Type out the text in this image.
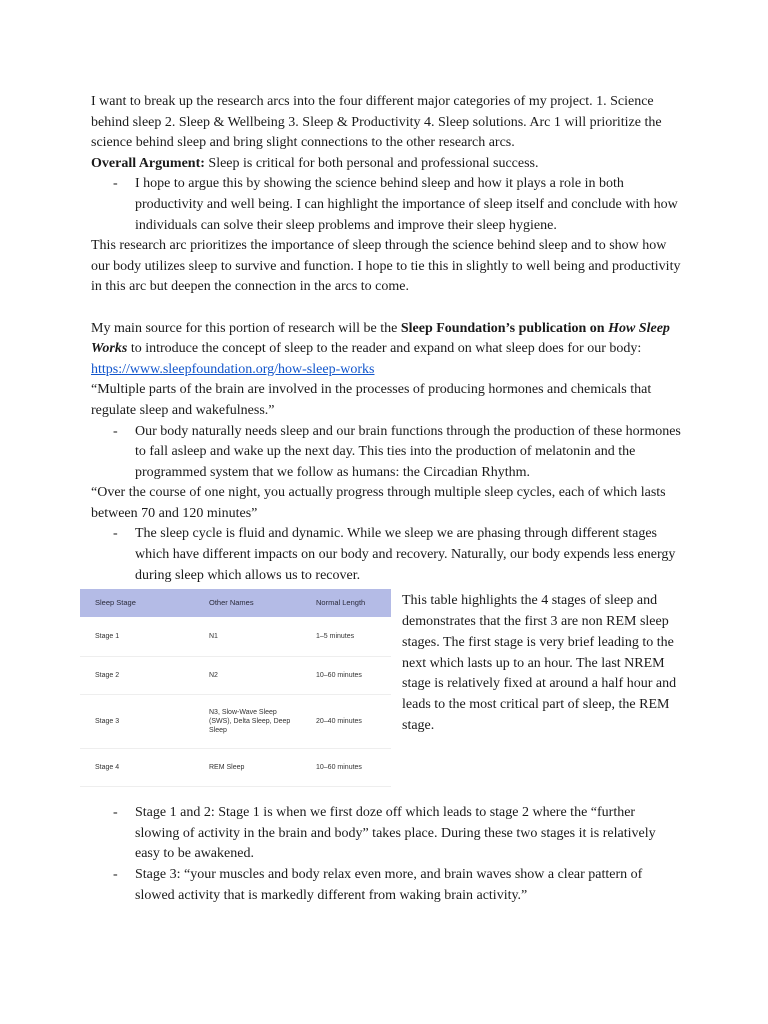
I want to break up the research arcs into the four different major categories of my project. 1. Science behind sleep 2. Sleep & Wellbeing 3. Sleep & Productivity 4. Sleep solutions. Arc 1 will prioritize the science behind sleep and bring slight connections to the other research arcs.

Overall Argument: Sleep is critical for both personal and professional success.

- I hope to argue this by showing the science behind sleep and how it plays a role in both productivity and well being. I can highlight the importance of sleep itself and conclude with how individuals can solve their sleep problems and improve their sleep hygiene.

This research arc prioritizes the importance of sleep through the science behind sleep and to show how our body utilizes sleep to survive and function. I hope to tie this in slightly to well being and productivity in this arc but deepen the connection in the arcs to come.

My main source for this portion of research will be the Sleep Foundation’s publication on How Sleep Works to introduce the concept of sleep to the reader and expand on what sleep does for our body: https://www.sleepfoundation.org/how-sleep-works

“Multiple parts of the brain are involved in the processes of producing hormones and chemicals that regulate sleep and wakefulness.”

- Our body naturally needs sleep and our brain functions through the production of these hormones to fall asleep and wake up the next day. This ties into the production of melatonin and the programmed system that we follow as humans: the Circadian Rhythm.

“Over the course of one night, you actually progress through multiple sleep cycles, each of which lasts between 70 and 120 minutes”

- The sleep cycle is fluid and dynamic. While we sleep we are phasing through different stages which have different impacts on our body and recovery. Naturally, our body expends less energy during sleep which allows us to recover.
Sleep Stage	Other Names	Normal Length
Stage 1	N1	1–5 minutes
Stage 2	N2	10–60 minutes
Stage 3	N3, Slow-Wave Sleep (SWS), Delta Sleep, Deep Sleep	20–40 minutes
Stage 4	REM Sleep	10–60 minutes

This table highlights the 4 stages of sleep and demonstrates that the first 3 are non REM sleep stages. The first stage is very brief leading to the next which lasts up to an hour. The last NREM stage is relatively fixed at around a half hour and leads to the most critical part of sleep, the REM stage.

- Stage 1 and 2: Stage 1 is when we first doze off which leads to stage 2 where the “further slowing of activity in the brain and body” takes place. During these two stages it is relatively easy to be awakened.
- Stage 3: “your muscles and body relax even more, and brain waves show a clear pattern of slowed activity that is markedly different from waking brain activity.”
